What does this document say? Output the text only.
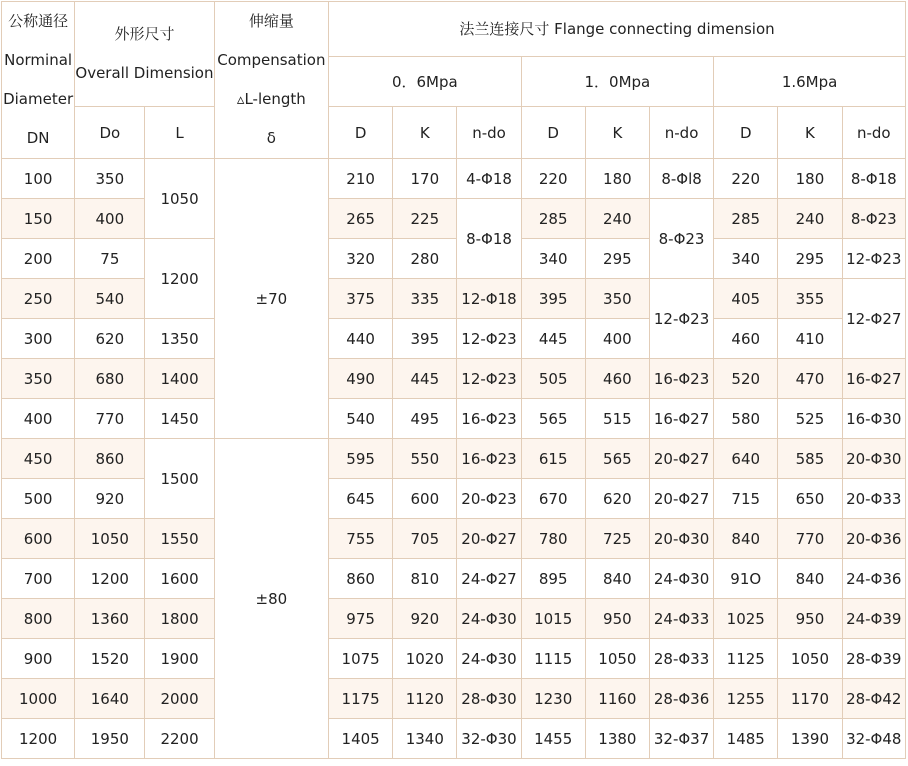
公称通径
Norminal
Diameter
DN	外形尺寸
Overall Dimension		伸缩量
Compensation
▵L-length
δ	法兰连接尺寸 Flange connecting dimension								
				0．6Mpa			1．0Mpa			1.6Mpa		
	Do	L		D	K	n-do	D	K	n-do	D	K	n-do
100	350	1050	±70	210	170	4-Φ18	220	180	8-Φl8	220	180	8-Φ18
150	400			265	225	8-Φ18	285	240	8-Φ23	285	240	8-Φ23
200	75	1200		320	280		340	295		340	295	12-Φ23
250	540			375	335	12-Φ18	395	350	12-Φ23	405	355	12-Φ27
300	620	1350		440	395	12-Φ23	445	400		460	410	
350	680	1400		490	445	12-Φ23	505	460	16-Φ23	520	470	16-Φ27
400	770	1450		540	495	16-Φ23	565	515	16-Φ27	580	525	16-Φ30
450	860	1500	±80	595	550	16-Φ23	615	565	20-Φ27	640	585	20-Φ30
500	920			645	600	20-Φ23	670	620	20-Φ27	715	650	20-Φ33
600	1050	1550		755	705	20-Φ27	780	725	20-Φ30	840	770	20-Φ36
700	1200	1600		860	810	24-Φ27	895	840	24-Φ30	91O	840	24-Φ36
800	1360	1800		975	920	24-Φ30	1015	950	24-Φ33	1025	950	24-Φ39
900	1520	1900		1075	1020	24-Φ30	1115	1050	28-Φ33	1125	1050	28-Φ39
1000	1640	2000		1175	1120	28-Φ30	1230	1160	28-Φ36	1255	1170	28-Φ42
1200	1950	2200		1405	1340	32-Φ30	1455	1380	32-Φ37	1485	1390	32-Φ48
